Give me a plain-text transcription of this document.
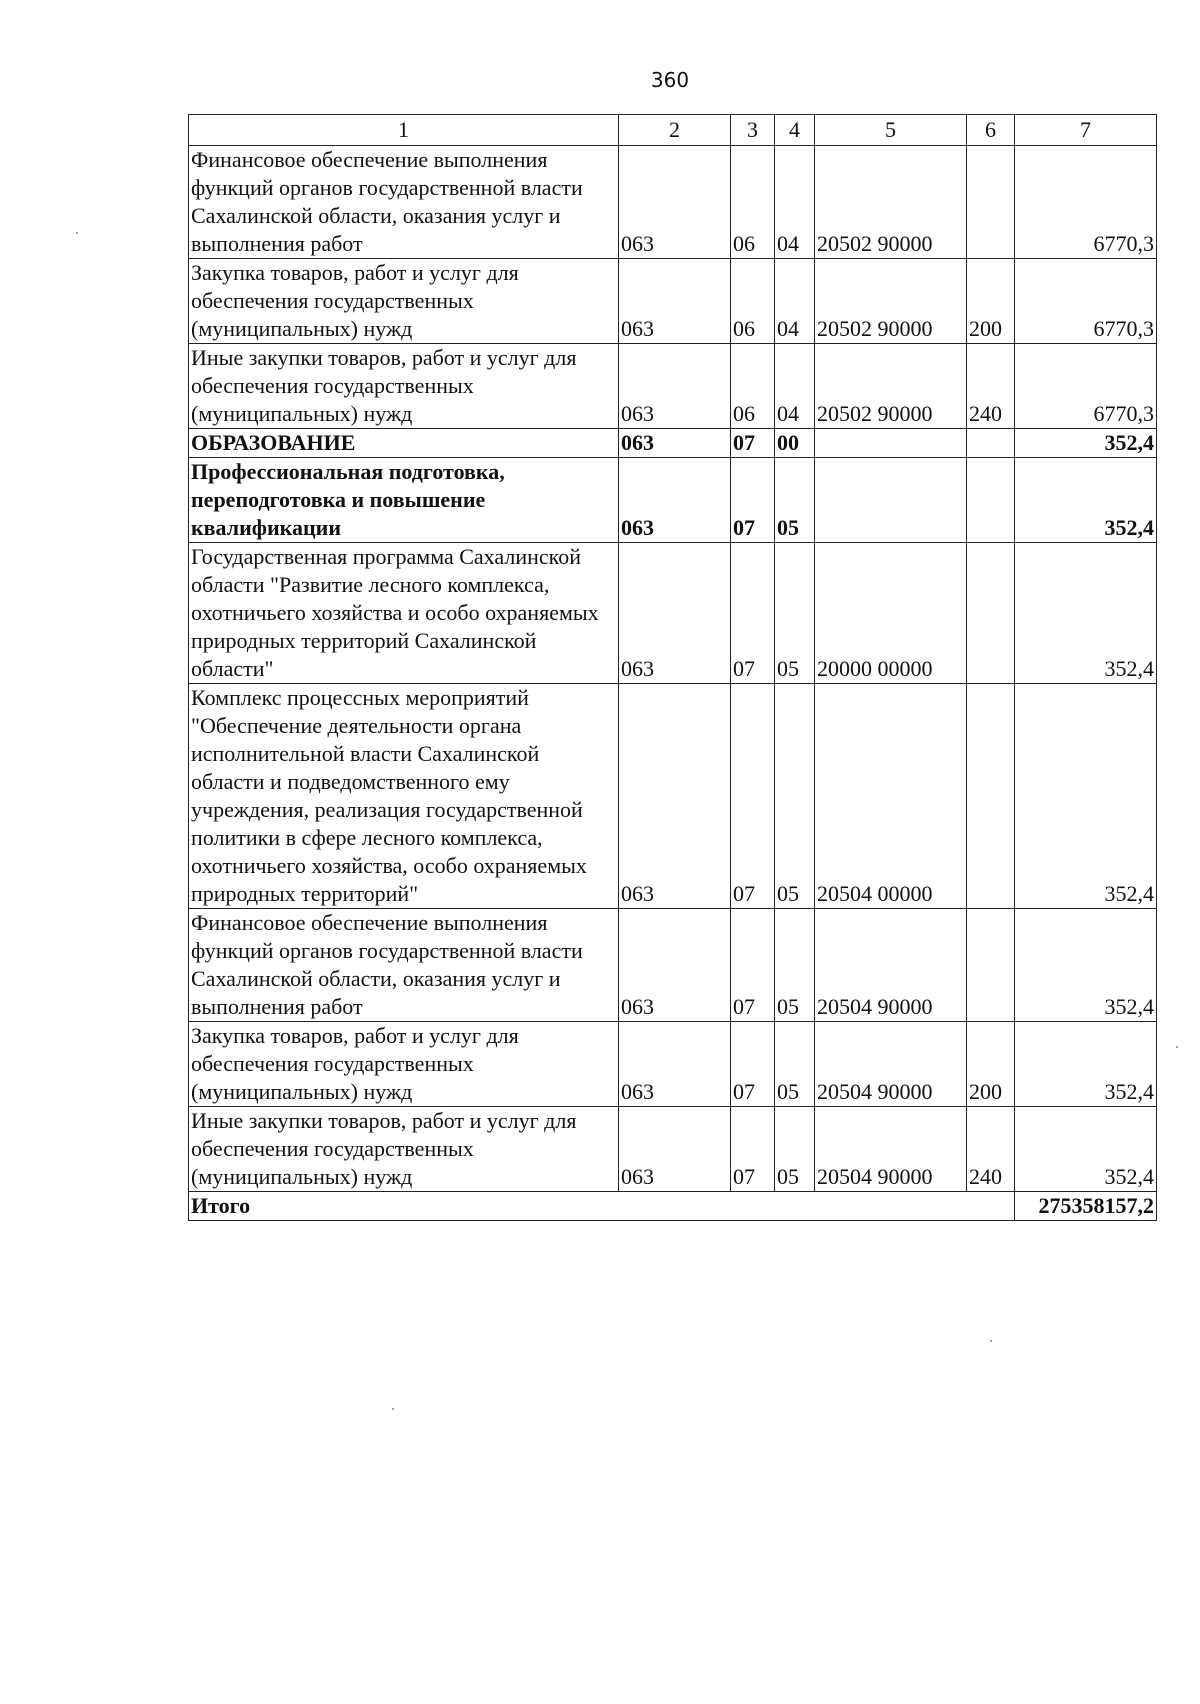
360
1	2	3	4	5	6	7
Финансовое обеспечение выполнения функций органов государственной власти Сахалинской области, оказания услуг и выполнения работ	063	06	04	20502 90000		6770,3
Закупка товаров, работ и услуг для обеспечения государственных (муниципальных) нужд	063	06	04	20502 90000	200	6770,3
Иные закупки товаров, работ и услуг для обеспечения государственных (муниципальных) нужд	063	06	04	20502 90000	240	6770,3
ОБРАЗОВАНИЕ	063	07	00			352,4
Профессиональная подготовка, переподготовка и повышение квалификации	063	07	05			352,4
Государственная программа Сахалинской области "Развитие лесного комплекса, охотничьего хозяйства и особо охраняемых природных территорий Сахалинской области"	063	07	05	20000 00000		352,4
Комплекс процессных мероприятий "Обеспечение деятельности органа исполнительной власти Сахалинской области и подведомственного ему учреждения, реализация государственной политики в сфере лесного комплекса, охотничьего хозяйства, особо охраняемых природных территорий"	063	07	05	20504 00000		352,4
Финансовое обеспечение выполнения функций органов государственной власти Сахалинской области, оказания услуг и выполнения работ	063	07	05	20504 90000		352,4
Закупка товаров, работ и услуг для обеспечения государственных (муниципальных) нужд	063	07	05	20504 90000	200	352,4
Иные закупки товаров, работ и услуг для обеспечения государственных (муниципальных) нужд	063	07	05	20504 90000	240	352,4
Итого						275358157,2
